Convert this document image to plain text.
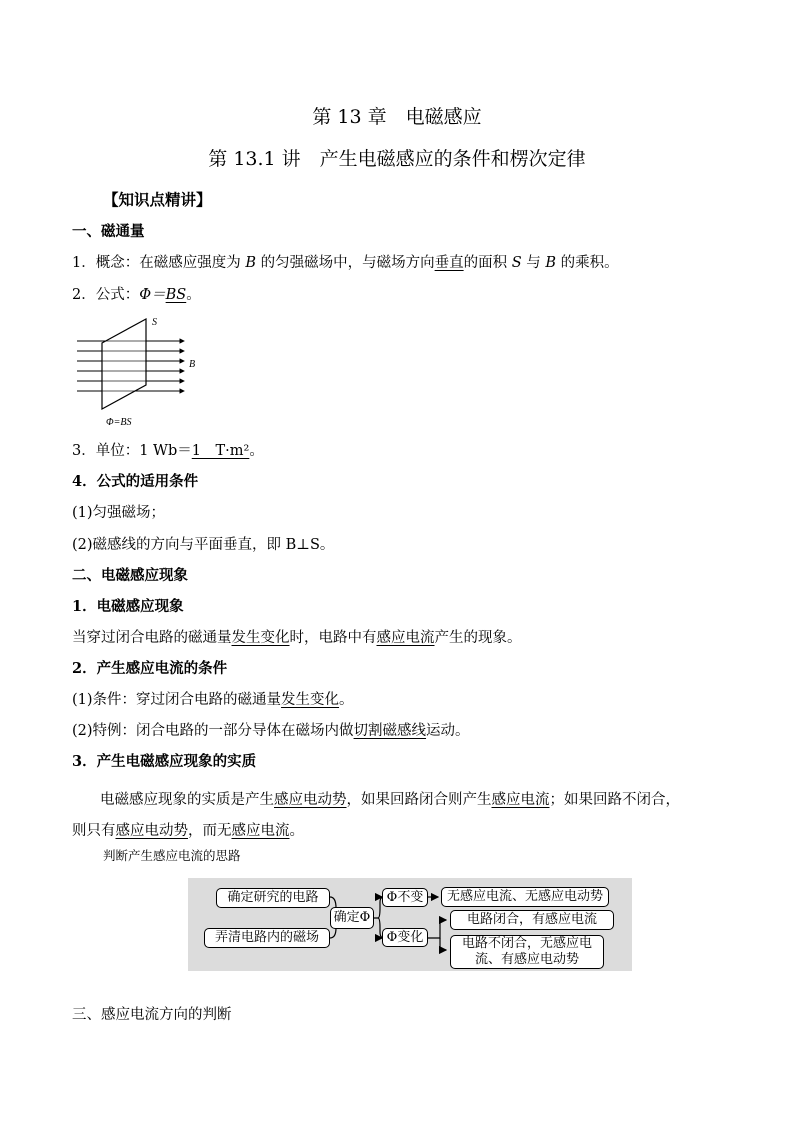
第 13 章　电磁感应
第 13.1 讲　产生电磁感应的条件和楞次定律
【知识点精讲】
一、磁通量
1．概念：在磁感应强度为 B 的匀强磁场中，与磁场方向垂直的面积 S 与 B 的乘积。
2．公式：Φ＝BS。
S
B
Φ=BS
3．单位：1 Wb＝1　T·m²。
4．公式的适用条件
(1)匀强磁场；
(2)磁感线的方向与平面垂直，即 B⊥S。
二、电磁感应现象
1．电磁感应现象
当穿过闭合电路的磁通量发生变化时，电路中有感应电流产生的现象。
2．产生感应电流的条件
(1)条件：穿过闭合电路的磁通量发生变化。
(2)特例：闭合电路的一部分导体在磁场内做切割磁感线运动。
3．产生电磁感应现象的实质
电磁感应现象的实质是产生感应电动势，如果回路闭合则产生感应电流；如果回路不闭合，
则只有感应电动势，而无感应电流。
判断产生感应电流的思路
确定研究的电路
弄清电路内的磁场
确定Φ
Φ不变
Φ变化
无感应电流、无感应电动势
电路闭合，有感应电流
电路不闭合，无感应电流、有感应电动势
三、感应电流方向的判断
